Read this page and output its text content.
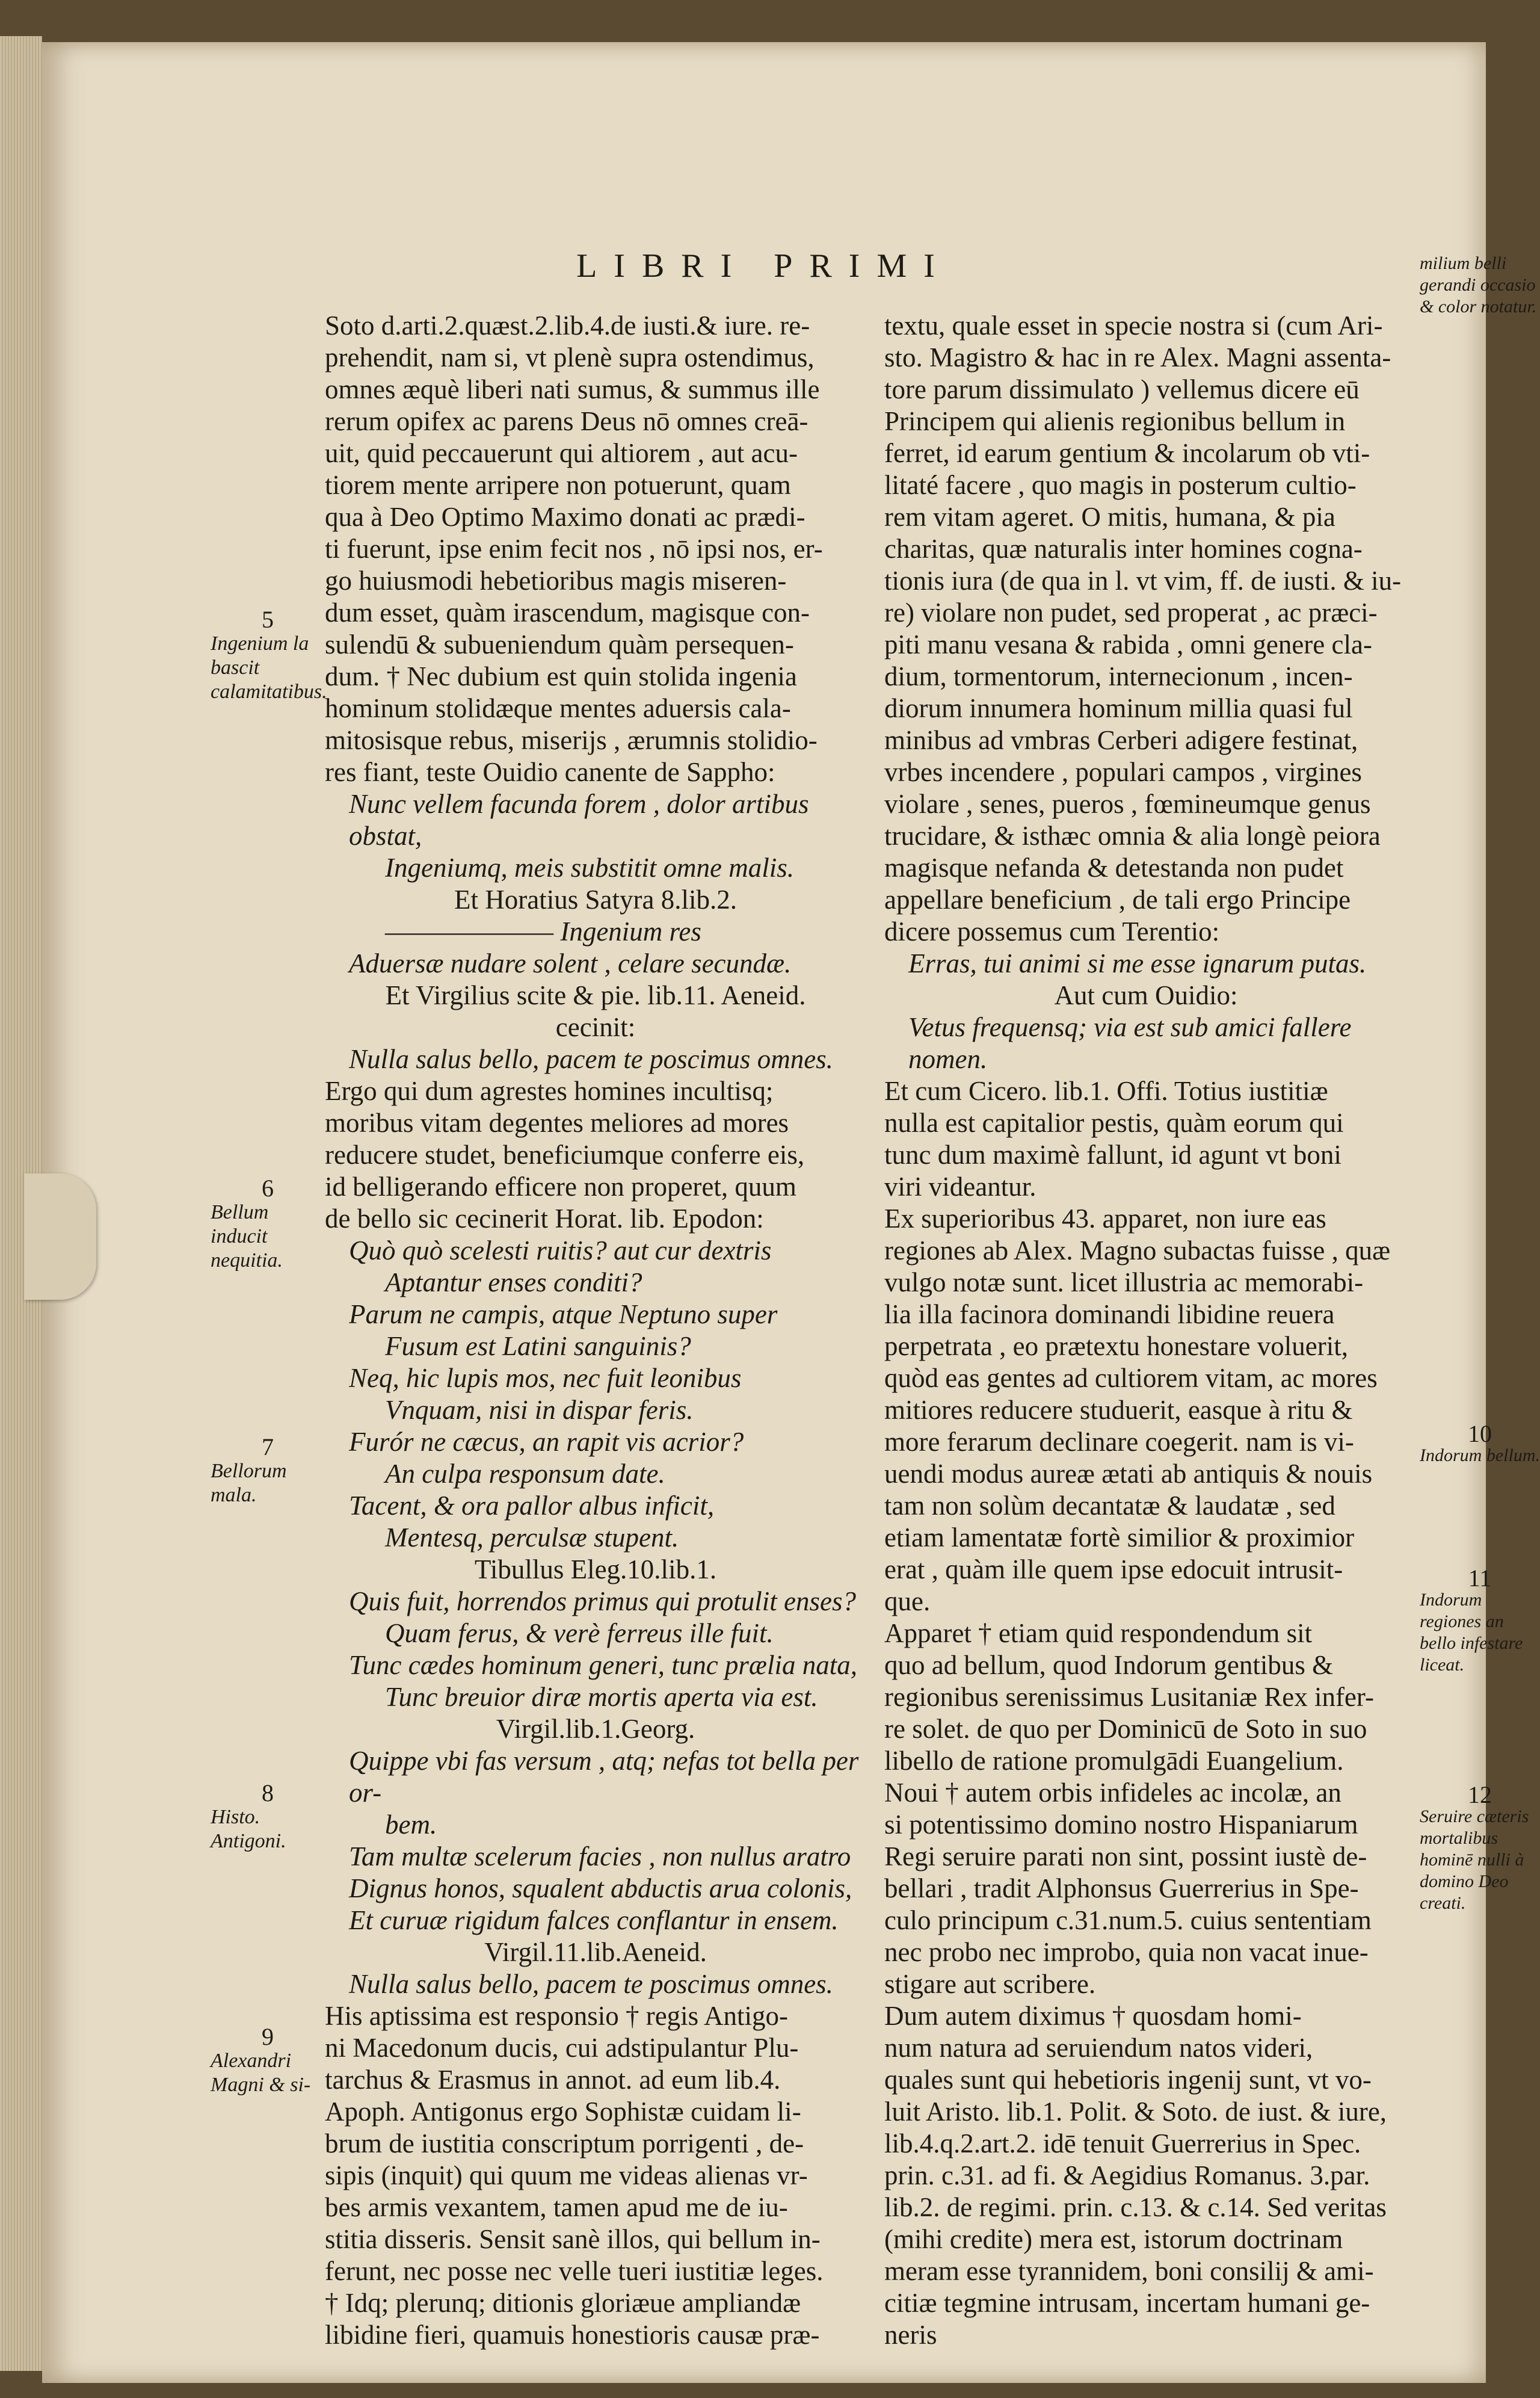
LIBRI PRIMI

Soto d.arti.2.quæst.2.lib.4.de iusti.& iure. re-

prehendit, nam si, vt plenè supra ostendimus,

omnes æquè liberi nati sumus, & summus ille

rerum opifex ac parens Deus nō omnes creā-

uit, quid peccauerunt qui altiorem , aut acu-

tiorem mente arripere non potuerunt, quam

qua à Deo Optimo Maximo donati ac prædi-

ti fuerunt, ipse enim fecit nos , nō ipsi nos, er-

go huiusmodi hebetioribus magis miseren-

dum esset, quàm irascendum, magisque con-

sulendū & subueniendum quàm persequen-

dum. † Nec dubium est quin stolida ingenia

hominum stolidæque mentes aduersis cala-

mitosisque rebus, miserijs , ærumnis stolidio-

res fiant, teste Ouidio canente de Sappho:

Nunc vellem facunda forem , dolor artibus obstat,

Ingeniumq, meis substitit omne malis.

Et Horatius Satyra 8.lib.2.

——————— Ingenium res

Aduersæ nudare solent , celare secundæ.

Et Virgilius scite & pie. lib.11. Aeneid.

cecinit:

Nulla salus bello, pacem te poscimus omnes.

Ergo qui dum agrestes homines incultisq;

moribus vitam degentes meliores ad mores

reducere studet, beneficiumque conferre eis,

id belligerando efficere non properet, quum

de bello sic cecinerit Horat. lib. Epodon:

Quò quò scelesti ruitis? aut cur dextris

Aptantur enses conditi?

Parum ne campis, atque Neptuno super

Fusum est Latini sanguinis?

Neq, hic lupis mos, nec fuit leonibus

Vnquam, nisi in dispar feris.

Furór ne cæcus, an rapit vis acrior?

An culpa responsum date.

Tacent, & ora pallor albus inficit,

Mentesq, perculsæ stupent.

Tibullus Eleg.10.lib.1.

Quis fuit, horrendos primus qui protulit enses?

Quam ferus, & verè ferreus ille fuit.

Tunc cædes hominum generi, tunc prælia nata,

Tunc breuior diræ mortis aperta via est.

Virgil.lib.1.Georg.

Quippe vbi fas versum , atq; nefas tot bella per or-

bem.

Tam multæ scelerum facies , non nullus aratro

Dignus honos, squalent abductis arua colonis,

Et curuæ rigidum falces conflantur in ensem.

Virgil.11.lib.Aeneid.

Nulla salus bello, pacem te poscimus omnes.

His aptissima est responsio † regis Antigo-

ni Macedonum ducis, cui adstipulantur Plu-

tarchus & Erasmus in annot. ad eum lib.4.

Apoph. Antigonus ergo Sophistæ cuidam li-

brum de iustitia conscriptum porrigenti , de-

sipis (inquit) qui quum me videas alienas vr-

bes armis vexantem, tamen apud me de iu-

stitia disseris. Sensit sanè illos, qui bellum in-

ferunt, nec posse nec velle tueri iustitiæ leges.

† Idq; plerunq; ditionis gloriæue ampliandæ

libidine fieri, quamuis honestioris causæ præ-

textu, quale esset in specie nostra si (cum Ari-

sto. Magistro & hac in re Alex. Magni assenta-

tore parum dissimulato ) vellemus dicere eū

Principem qui alienis regionibus bellum in

ferret, id earum gentium & incolarum ob vti-

litaté facere , quo magis in posterum cultio-

rem vitam ageret. O mitis, humana, & pia

charitas, quæ naturalis inter homines cogna-

tionis iura (de qua in l. vt vim, ff. de iusti. & iu-

re) violare non pudet, sed properat , ac præci-

piti manu vesana & rabida , omni genere cla-

dium, tormentorum, internecionum , incen-

diorum innumera hominum millia quasi ful

minibus ad vmbras Cerberi adigere festinat,

vrbes incendere , populari campos , virgines

violare , senes, pueros , fœmineumque genus

trucidare, & isthæc omnia & alia longè peiora

magisque nefanda & detestanda non pudet

appellare beneficium , de tali ergo Principe

dicere possemus cum Terentio:

Erras, tui animi si me esse ignarum putas.

Aut cum Ouidio:

Vetus frequensq; via est sub amici fallere nomen.

Et cum Cicero. lib.1. Offi. Totius iustitiæ

nulla est capitalior pestis, quàm eorum qui

tunc dum maximè fallunt, id agunt vt boni

viri videantur.

Ex superioribus 43. apparet, non iure eas

regiones ab Alex. Magno subactas fuisse , quæ

vulgo notæ sunt. licet illustria ac memorabi-

lia illa facinora dominandi libidine reuera

perpetrata , eo prætextu honestare voluerit,

quòd eas gentes ad cultiorem vitam, ac mores

mitiores reducere studuerit, easque à ritu &

more ferarum declinare coegerit. nam is vi-

uendi modus aureæ ætati ab antiquis & nouis

tam non solùm decantatæ & laudatæ , sed

etiam lamentatæ fortè similior & proximior

erat , quàm ille quem ipse edocuit intrusit-

que.

Apparet † etiam quid respondendum sit

quo ad bellum, quod Indorum gentibus &

regionibus serenissimus Lusitaniæ Rex infer-

re solet. de quo per Dominicū de Soto in suo

libello de ratione promulgādi Euangelium.

Noui † autem orbis infideles ac incolæ, an

si potentissimo domino nostro Hispaniarum

Regi seruire parati non sint, possint iustè de-

bellari , tradit Alphonsus Guerrerius in Spe-

culo principum c.31.num.5. cuius sententiam

nec probo nec improbo, quia non vacat inue-

stigare aut scribere.

Dum autem diximus † quosdam homi-

num natura ad seruiendum natos videri,

quales sunt qui hebetioris ingenij sunt, vt vo-

luit Aristo. lib.1. Polit. & Soto. de iust. & iure,

lib.4.q.2.art.2. idē tenuit Guerrerius in Spec.

prin. c.31. ad fi. & Aegidius Romanus. 3.par.

lib.2. de regimi. prin. c.13. & c.14. Sed veritas

(mihi credite) mera est, istorum doctrinam

meram esse tyrannidem, boni consilij & ami-

citiæ tegmine intrusam, incertam humani ge-

neris

5
Ingenium la bascit calamitatibus.
6
Bellum inducit nequitia.
7
Bellorum mala.
8
Histo. Antigoni.
9
Alexandri Magni & si-
milium belli gerandi occasio & color notatur.
10
Indorum bellum.
11
Indorum regiones an bello infestare liceat.
12
Seruire cæteris mortalibus hominē nulli à domino Deo creati.
